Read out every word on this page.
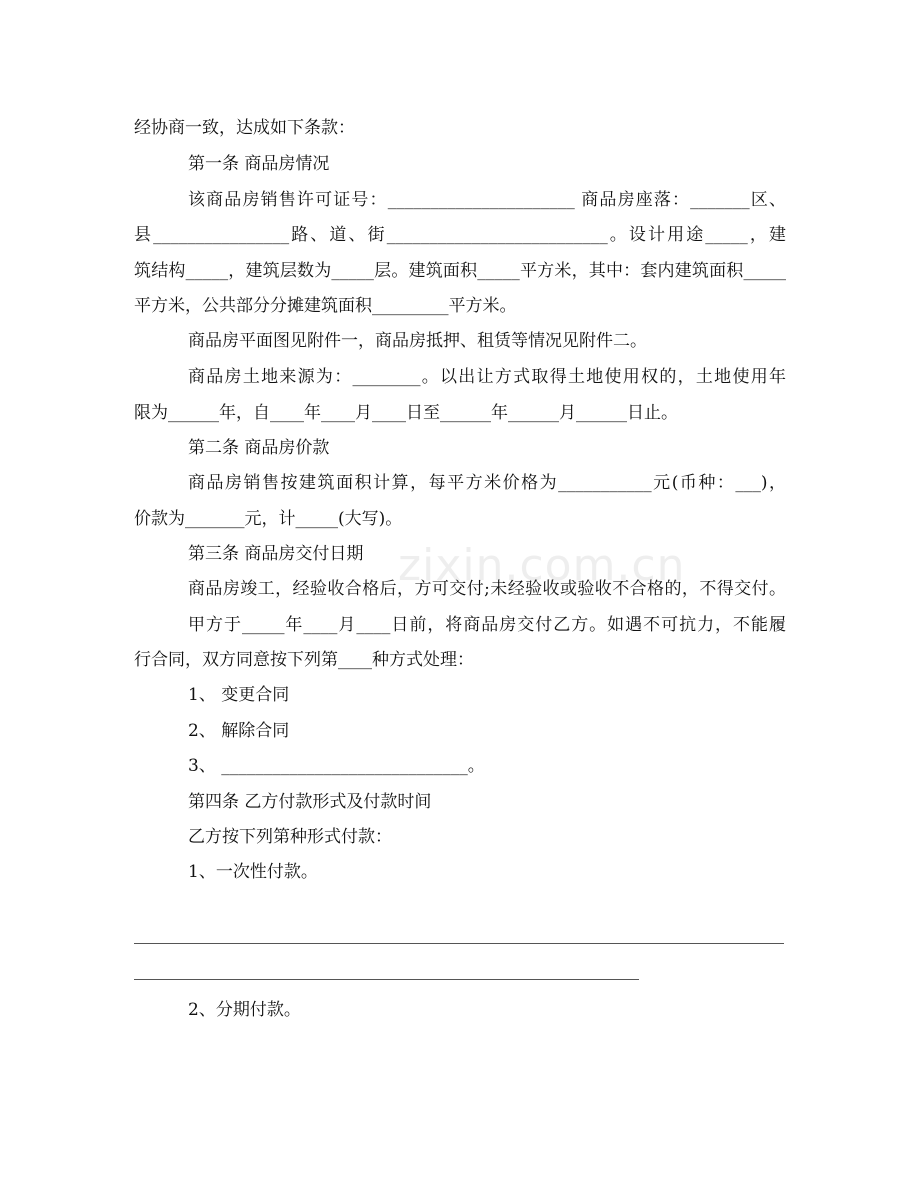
经协商一致，达成如下条款：
第一条 商品房情况
该商品房销售许可证号：______________________ 商品房座落：_______区、
县________________路、道、街__________________________。设计用途_____，建
筑结构_____，建筑层数为_____层。建筑面积_____平方米，其中：套内建筑面积_____
平方米，公共部分分摊建筑面积_________平方米。
商品房平面图见附件一，商品房抵押、租赁等情况见附件二。
商品房土地来源为：________。以出让方式取得土地使用权的，土地使用年
限为______年，自____年____月____日至______年______月______日止。
第二条 商品房价款
商品房销售按建筑面积计算，每平方米价格为___________元(币种：___)，
价款为_______元，计_____(大写)。
第三条 商品房交付日期
商品房竣工，经验收合格后，方可交付;未经验收或验收不合格的，不得交付。
甲方于_____年____月____日前，将商品房交付乙方。如遇不可抗力，不能履
行合同，双方同意按下列第____种方式处理：
1、 变更合同
2、 解除合同
3、 _____________________________。
第四条 乙方付款形式及付款时间
乙方按下列第种形式付款：
1、一次性付款。
2、分期付款。
zixin.com.cn
